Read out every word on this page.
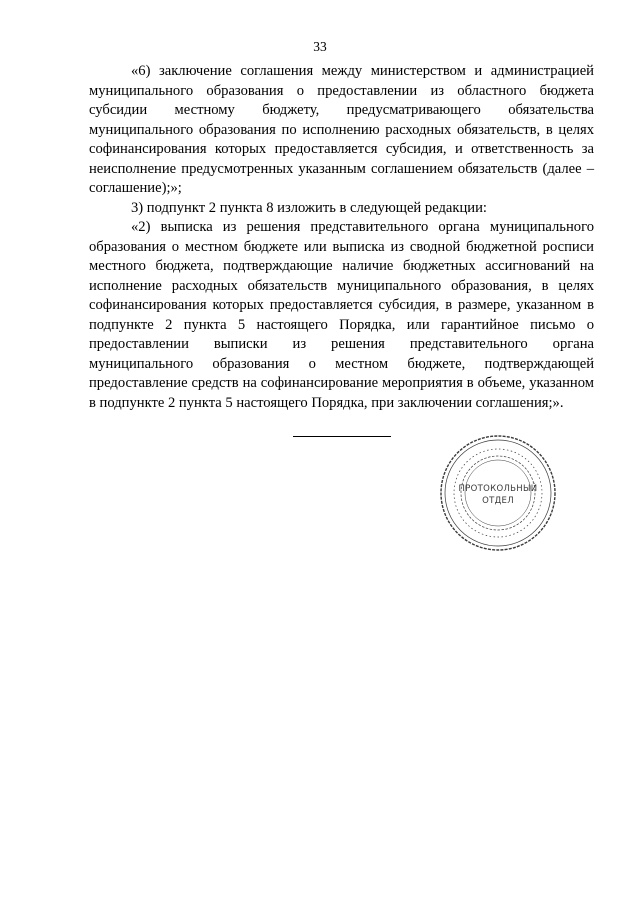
33

«6) заключение соглашения между министерством и администрацией муниципального образования о предоставлении из областного бюджета субсидии местному бюджету, предусматривающего обязательства муниципального образования по исполнению расходных обязательств, в целях софинансирования которых предоставляется субсидия, и ответственность за неисполнение предусмотренных указанным соглашением обязательств (далее – соглашение);»;

3) подпункт 2 пункта 8 изложить в следующей редакции:

«2) выписка из решения представительного органа муниципального образования о местном бюджете или выписка из сводной бюджетной росписи местного бюджета, подтверждающие наличие бюджетных ассигнований на исполнение расходных обязательств муниципального образования, в целях софинансирования которых предоставляется субсидия, в размере, указанном в подпункте 2 пункта 5 настоящего Порядка, или гарантийное письмо о предоставлении выписки из решения представительного органа муниципального образования о местном бюджете, подтверждающей предоставление средств на софинансирование мероприятия в объеме, указанном в подпункте 2 пункта 5 настоящего Порядка, при заключении соглашения;».

ПРОТОКОЛЬНЫЙ
ОТДЕЛ
